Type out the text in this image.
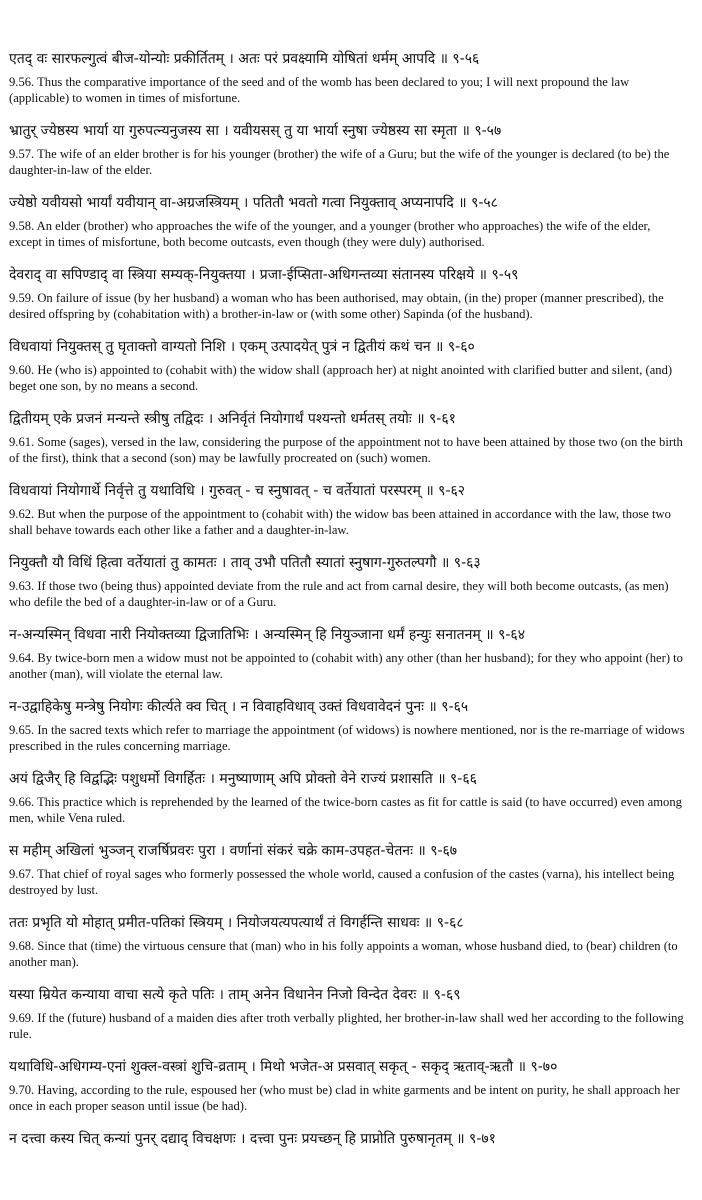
एतद् वः सारफल्गुत्वं बीज-योन्योः प्रकीर्तितम् । अतः परं प्रवक्ष्यामि योषितां धर्मम् आपदि ॥ ९-५६

9.56. Thus the comparative importance of the seed and of the womb has been declared to you; I will next propound the law (applicable) to women in times of misfortune.

भ्रातुर् ज्येष्ठस्य भार्या या गुरुपत्न्यनुजस्य सा । यवीयसस् तु या भार्या स्नुषा ज्येष्ठस्य सा स्मृता ॥ ९-५७

9.57. The wife of an elder brother is for his younger (brother) the wife of a Guru; but the wife of the younger is declared (to be) the daughter-in-law of the elder.

ज्येष्ठो यवीयसो भार्यां यवीयान् वा-अग्रजस्त्रियम् । पतितौ भवतो गत्वा नियुक्ताव् अप्यनापदि ॥ ९-५८

9.58. An elder (brother) who approaches the wife of the younger, and a younger (brother who approaches) the wife of the elder, except in times of misfortune, both become outcasts, even though (they were duly) authorised.

देवराद् वा सपिण्डाद् वा स्त्रिया सम्यक्-नियुक्तया । प्रजा-ईप्सिता-अधिगन्तव्या संतानस्य परिक्षये ॥ ९-५९

9.59. On failure of issue (by her husband) a woman who has been authorised, may obtain, (in the) proper (manner prescribed), the desired offspring by (cohabitation with) a brother-in-law or (with some other) Sapinda (of the husband).

विधवायां नियुक्तस् तु घृताक्तो वाग्यतो निशि । एकम् उत्पादयेत् पुत्रं न द्वितीयं कथं चन ॥ ९-६०

9.60. He (who is) appointed to (cohabit with) the widow shall (approach her) at night anointed with clarified butter and silent, (and) beget one son, by no means a second.

द्वितीयम् एके प्रजनं मन्यन्ते स्त्रीषु तद्विदः । अनिर्वृतं नियोगार्थं पश्यन्तो धर्मतस् तयोः ॥ ९-६१

9.61. Some (sages), versed in the law, considering the purpose of the appointment not to have been attained by those two (on the birth of the first), think that a second (son) may be lawfully procreated on (such) women.

विधवायां नियोगार्थे निर्वृत्ते तु यथाविधि । गुरुवत् - च स्नुषावत् - च वर्तेयातां परस्परम् ॥ ९-६२

9.62. But when the purpose of the appointment to (cohabit with) the widow bas been attained in accordance with the law, those two shall behave towards each other like a father and a daughter-in-law.

नियुक्तौ यौ विधिं हित्वा वर्तेयातां तु कामतः । ताव् उभौ पतितौ स्यातां स्नुषाग-गुरुतल्पगौ ॥ ९-६३

9.63. If those two (being thus) appointed deviate from the rule and act from carnal desire, they will both become outcasts, (as men) who defile the bed of a daughter-in-law or of a Guru.

न-अन्यस्मिन् विधवा नारी नियोक्तव्या द्विजातिभिः । अन्यस्मिन् हि नियुञ्जाना धर्मं हन्युः सनातनम् ॥ ९-६४

9.64. By twice-born men a widow must not be appointed to (cohabit with) any other (than her husband); for they who appoint (her) to another (man), will violate the eternal law.

न-उद्वाहिकेषु मन्त्रेषु नियोगः कीर्त्यते क्व चित् । न विवाहविधाव् उक्तं विधवावेदनं पुनः ॥ ९-६५

9.65. In the sacred texts which refer to marriage the appointment (of widows) is nowhere mentioned, nor is the re-marriage of widows prescribed in the rules concerning marriage.

अयं द्विजैर् हि विद्वद्भिः पशुधर्मो विगर्हितः । मनुष्याणाम् अपि प्रोक्तो वेने राज्यं प्रशासति ॥ ९-६६

9.66. This practice which is reprehended by the learned of the twice-born castes as fit for cattle is said (to have occurred) even among men, while Vena ruled.

स महीम् अखिलां भुञ्जन् राजर्षिप्रवरः पुरा । वर्णानां संकरं चक्रे काम-उपहत-चेतनः ॥ ९-६७

9.67. That chief of royal sages who formerly possessed the whole world, caused a confusion of the castes (varna), his intellect being destroyed by lust.

ततः प्रभृति यो मोहात् प्रमीत-पतिकां स्त्रियम् । नियोजयत्यपत्यार्थं तं विगर्हन्ति साधवः ॥ ९-६८

9.68. Since that (time) the virtuous censure that (man) who in his folly appoints a woman, whose husband died, to (bear) children (to another man).

यस्या म्रियेत कन्याया वाचा सत्ये कृते पतिः । ताम् अनेन विधानेन निजो विन्देत देवरः ॥ ९-६९

9.69. If the (future) husband of a maiden dies after troth verbally plighted, her brother-in-law shall wed her according to the following rule.

यथाविधि-अधिगम्य-एनां शुक्ल-वस्त्रां शुचि-व्रताम् । मिथो भजेत-अ प्रसवात् सकृत् - सकृद् ऋताव्-ऋतौ ॥ ९-७०

9.70. Having, according to the rule, espoused her (who must be) clad in white garments and be intent on purity, he shall approach her once in each proper season until issue (be had).

न दत्त्वा कस्य चित् कन्यां पुनर् दद्याद् विचक्षणः । दत्त्वा पुनः प्रयच्छन् हि प्राप्नोति पुरुषानृतम् ॥ ९-७१
